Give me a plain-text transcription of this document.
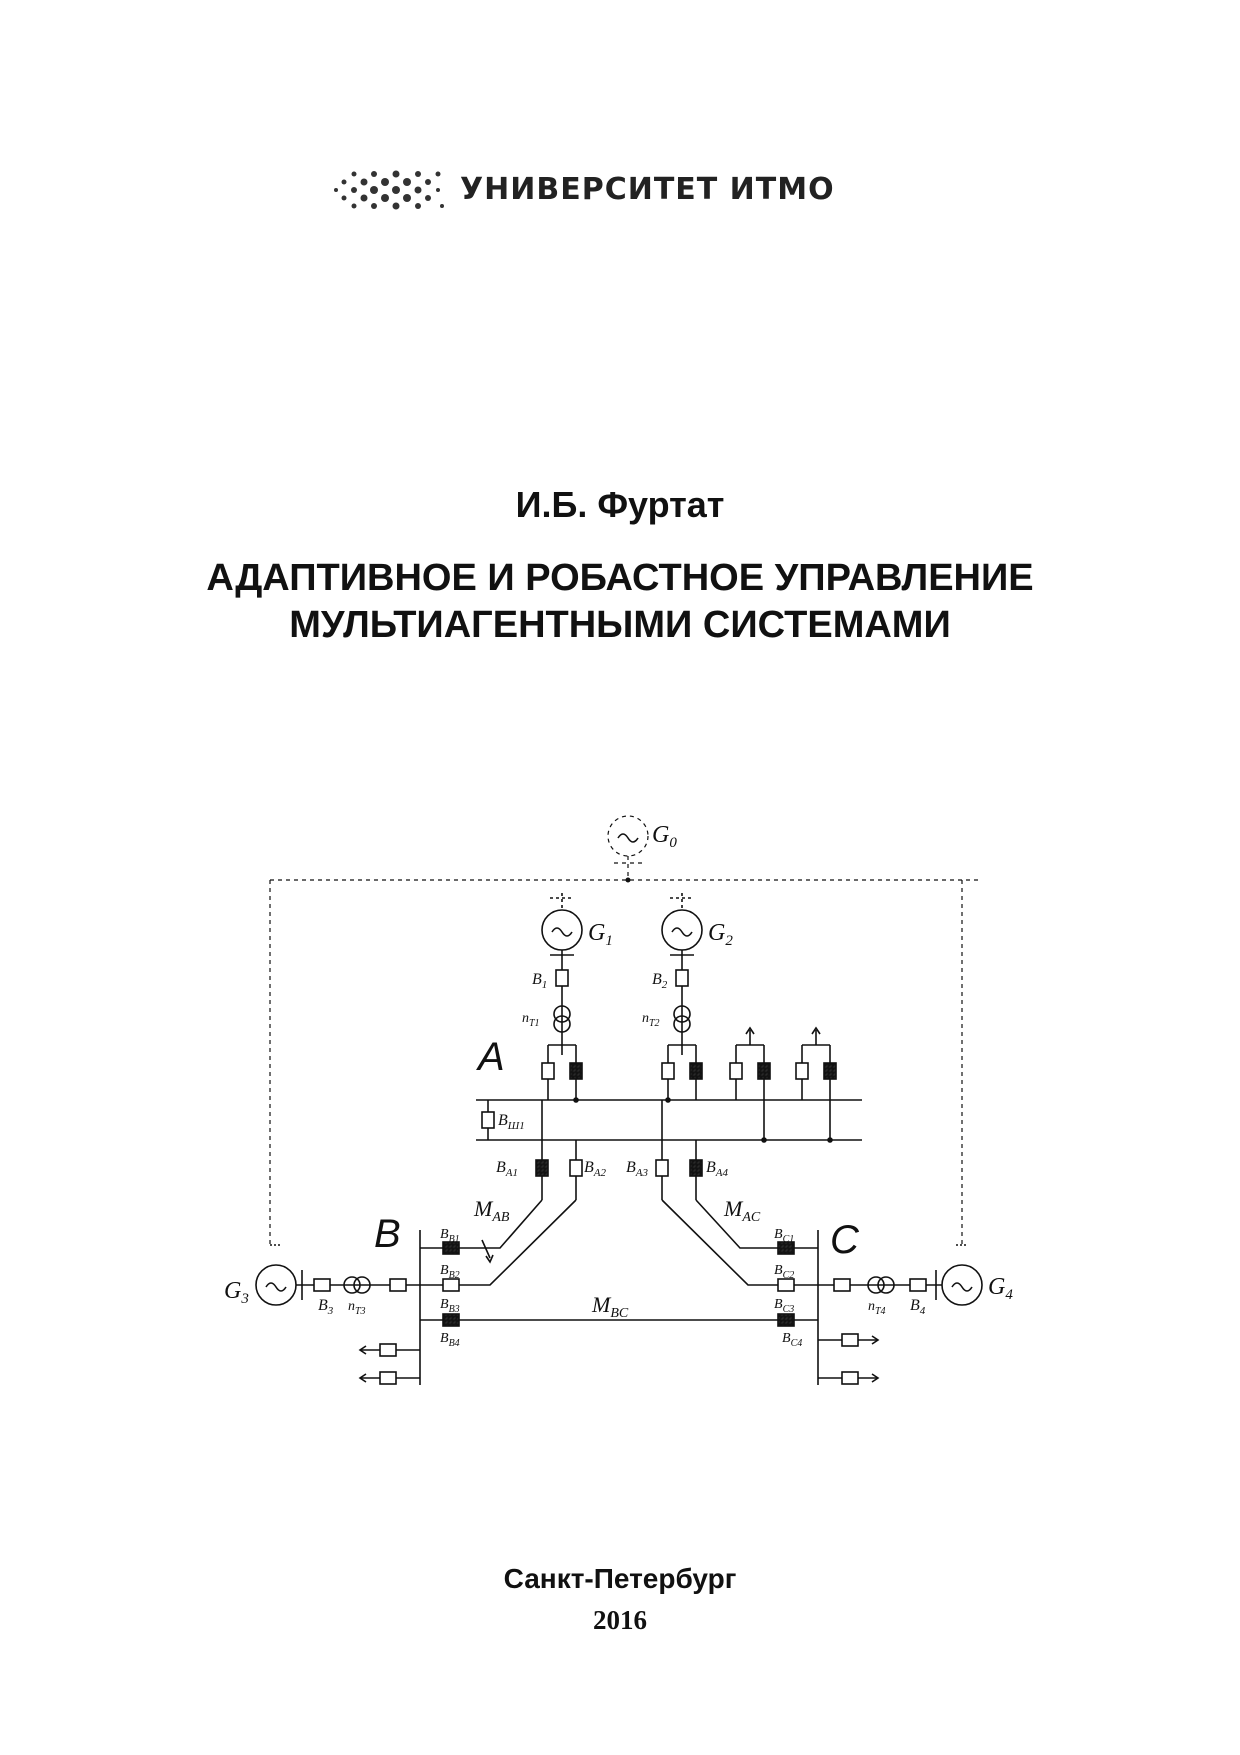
УНИВЕРСИТЕТ ИТМО
И.Б. Фуртат
АДАПТИВНОЕ И РОБАСТНОЕ УПРАВЛЕНИЕ
МУЛЬТИАГЕНТНЫМИ СИСТЕМАМИ
$G_0$
$G_1$	$G_2$
$G_3$	$G_4$
A
B	C
$B_1$	$B_2$
$B_3$	$B_4$
$B_{Ш1}$
$B_{A1}$	$B_{A2}$ $B_{A3}$	$B_{A4}$
$B_{B1}$
$B_{B2}$
$B_{B3}$
$B_{B4}$
$B_{C1}$
$B_{C2}$
$B_{C3}$
$B_{C4}$
$n_{T1}$	$n_{T2}$
$n_{T3}$	$n_{T4}$
$M_{AB}$	$M_{AC}$
$M_{BC}$
Санкт-Петербург
2016
